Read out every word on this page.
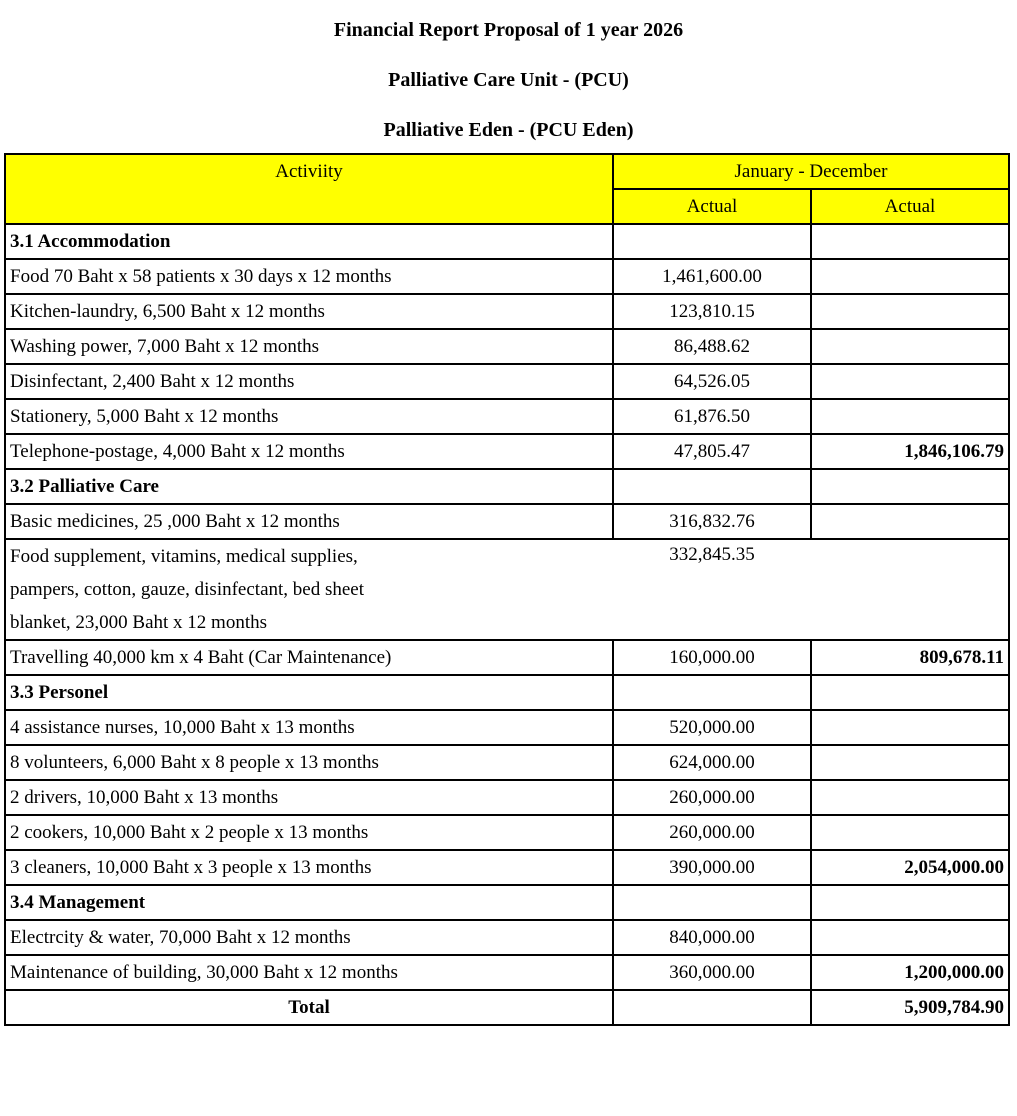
Financial Report Proposal of 1 year 2026
Palliative Care Unit - (PCU)
Palliative Eden - (PCU Eden)
Activiity	January - December	
	Actual	Actual
3.1 Accommodation		
Food 70 Baht x 58 patients x 30 days x 12 months	1,461,600.00	
Kitchen-laundry, 6,500 Baht x 12 months	123,810.15	
Washing power, 7,000 Baht x 12 months	86,488.62	
Disinfectant, 2,400 Baht x 12 months	64,526.05	
Stationery, 5,000 Baht x 12 months	61,876.50	
Telephone-postage, 4,000 Baht x 12 months	47,805.47	1,846,106.79
3.2 Palliative Care		
Basic medicines, 25 ,000 Baht x 12 months	316,832.76	

Food supplement, vitamins, medical supplies,
pampers, cotton, gauze, disinfectant, bed sheet
blanket, 23,000 Baht x 12 months	332,845.35	
Travelling 40,000 km x 4 Baht (Car Maintenance)	160,000.00	809,678.11
3.3 Personel		
4 assistance nurses, 10,000 Baht x 13 months	520,000.00	
8 volunteers, 6,000 Baht x 8 people x 13 months	624,000.00	
2 drivers, 10,000 Baht x 13 months	260,000.00	
2 cookers, 10,000 Baht x 2 people x 13 months	260,000.00	
3 cleaners, 10,000 Baht x 3 people x 13 months	390,000.00	2,054,000.00
3.4 Management		
Electrcity & water, 70,000 Baht x 12 months	840,000.00	
Maintenance of building, 30,000 Baht x 12 months	360,000.00	1,200,000.00
Total		5,909,784.90
